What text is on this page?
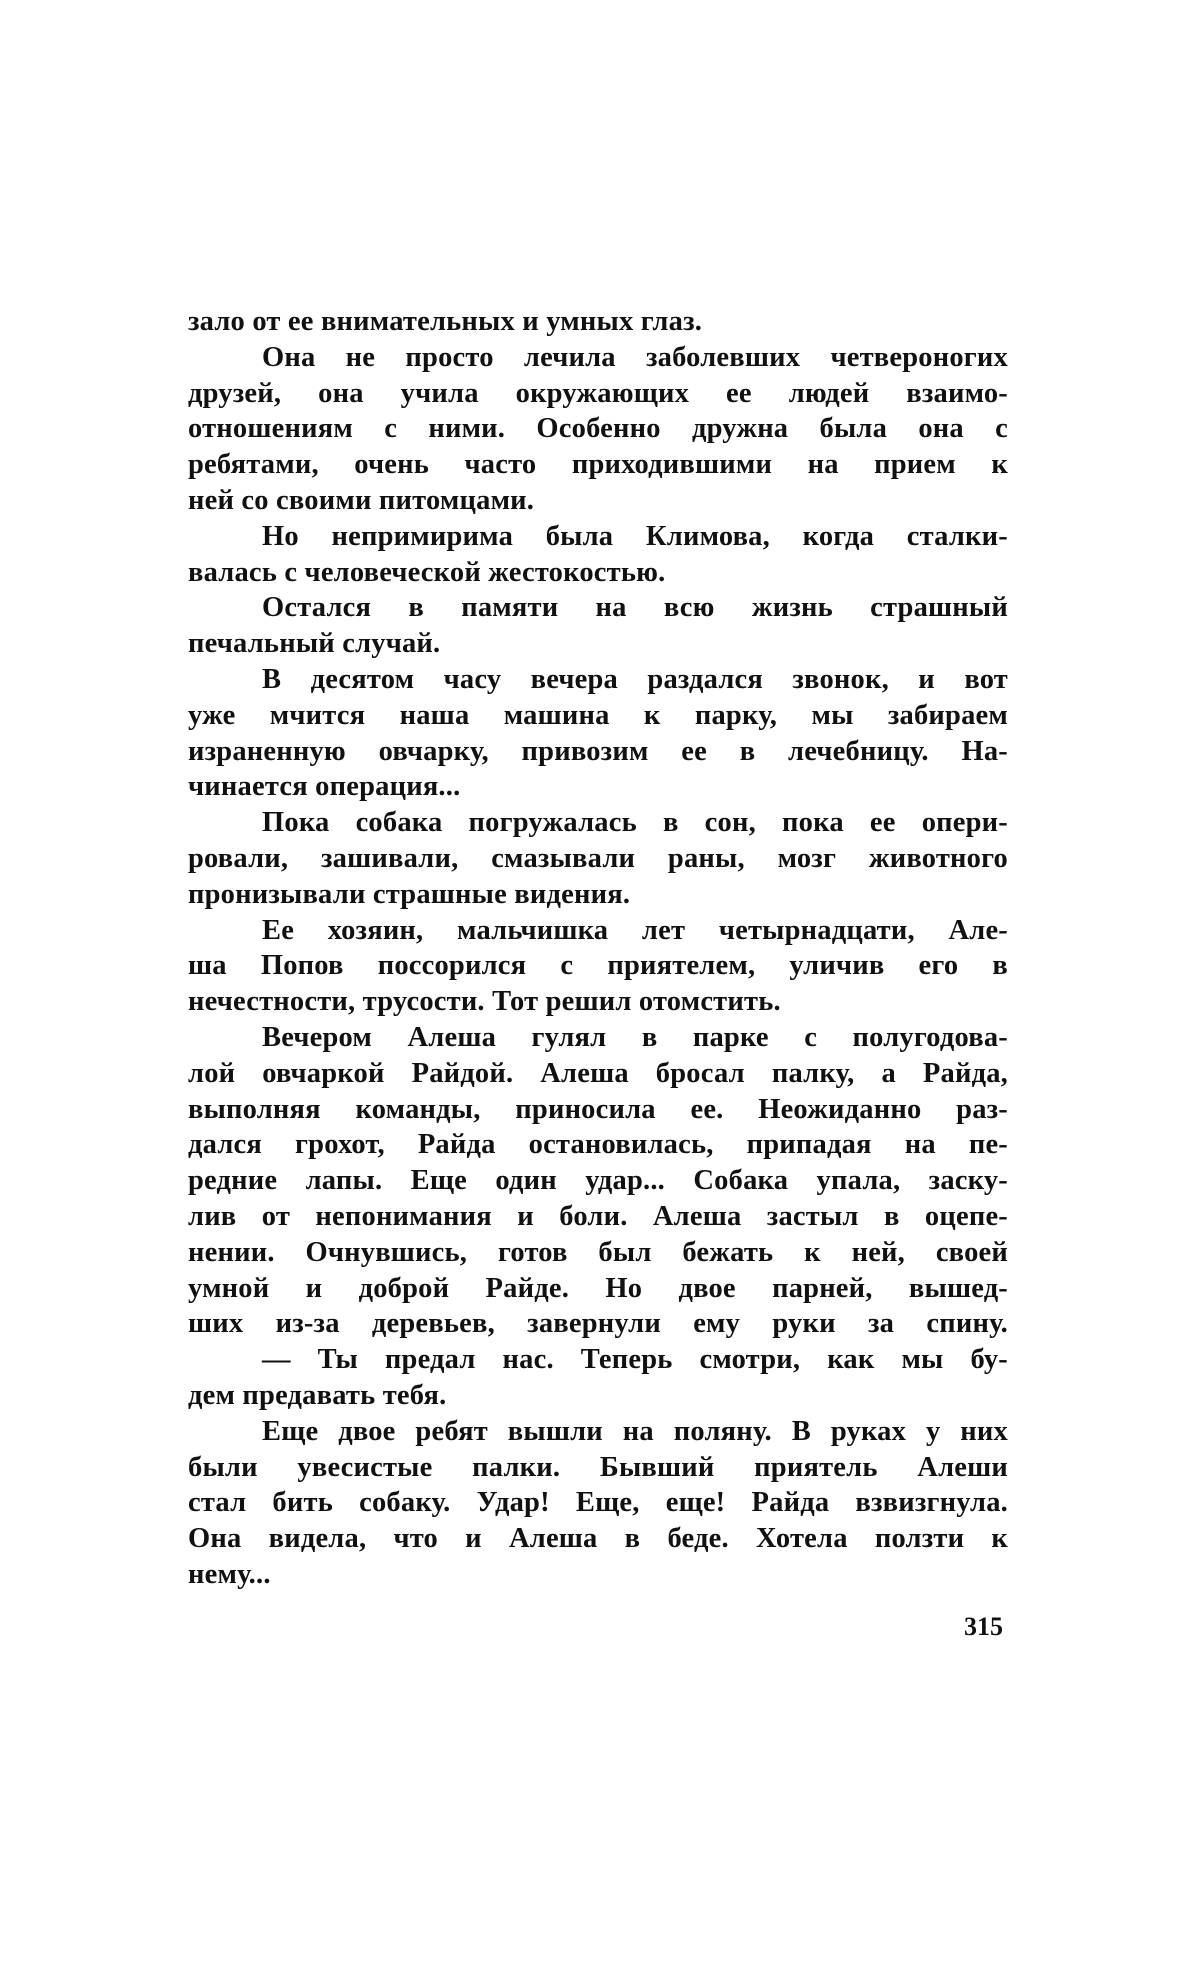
зало от ее внимательных и умных глаз.
Она не просто лечила заболевших четвероногих
друзей, она учила окружающих ее людей взаимо-
отношениям с ними. Особенно дружна была она с
ребятами, очень часто приходившими на прием к
ней со своими питомцами.
Но непримирима была Климова, когда сталки-
валась с человеческой жестокостью.
Остался в памяти на всю жизнь страшный
печальный случай.
В десятом часу вечера раздался звонок, и вот
уже мчится наша машина к парку, мы забираем
израненную овчарку, привозим ее в лечебницу. На-
чинается операция...
Пока собака погружалась в сон, пока ее опери-
ровали, зашивали, смазывали раны, мозг животного
пронизывали страшные видения.
Ее хозяин, мальчишка лет четырнадцати, Але-
ша Попов поссорился с приятелем, уличив его в
нечестности, трусости. Тот решил отомстить.
Вечером Алеша гулял в парке с полугодова-
лой овчаркой Райдой. Алеша бросал палку, а Райда,
выполняя команды, приносила ее. Неожиданно раз-
дался грохот, Райда остановилась, припадая на пе-
редние лапы. Еще один удар... Собака упала, заску-
лив от непонимания и боли. Алеша застыл в оцепе-
нении. Очнувшись, готов был бежать к ней, своей
умной и доброй Райде. Но двое парней, вышед-
ших из-за деревьев, завернули ему руки за спину.
— Ты предал нас. Теперь смотри, как мы бу-
дем предавать тебя.
Еще двое ребят вышли на поляну. В руках у них
были увесистые палки. Бывший приятель Алеши
стал бить собаку. Удар! Еще, еще! Райда взвизгнула.
Она видела, что и Алеша в беде. Хотела ползти к
нему...
315
